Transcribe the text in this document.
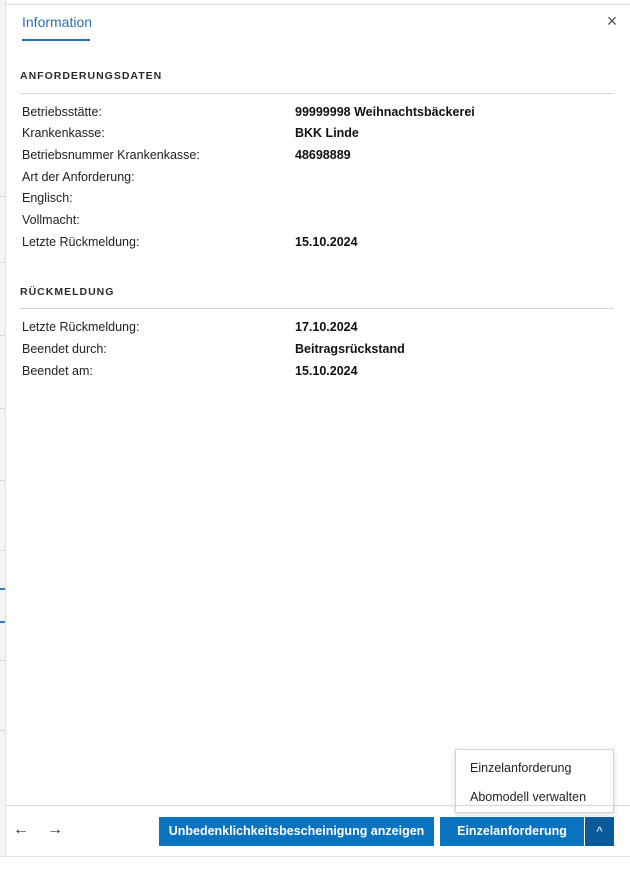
Information	×
ANFORDERUNGSDATEN
Betriebsstätte:	99999998 Weihnachtsbäckerei
Krankenkasse:	BKK Linde
Betriebsnummer Krankenkasse:	48698889
Art der Anforderung:
Englisch:
Vollmacht:
Letzte Rückmeldung:	15.10.2024
RÜCKMELDUNG
Letzte Rückmeldung:	17.10.2024
Beendet durch:	Beitragsrückstand
Beendet am:	15.10.2024
Einzelanforderung
Abomodell verwalten
← →	Unbedenklichkeitsbescheinigung anzeigen	Einzelanforderung	^
